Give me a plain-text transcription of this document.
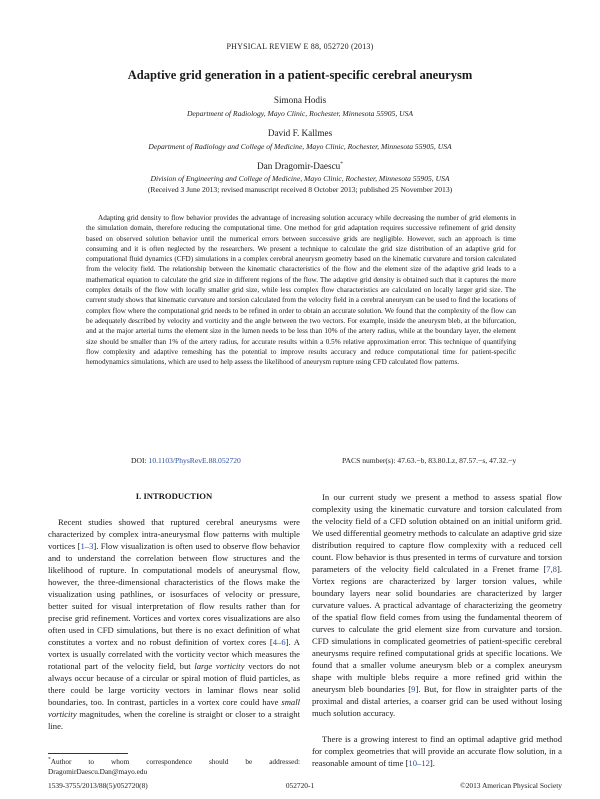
PHYSICAL REVIEW E 88, 052720 (2013)
Adaptive grid generation in a patient-specific cerebral aneurysm
Simona Hodis
Department of Radiology, Mayo Clinic, Rochester, Minnesota 55905, USA
David F. Kallmes
Department of Radiology and College of Medicine, Mayo Clinic, Rochester, Minnesota 55905, USA
Dan Dragomir-Daescu*
Division of Engineering and College of Medicine, Mayo Clinic, Rochester, Minnesota 55905, USA
(Received 3 June 2013; revised manuscript received 8 October 2013; published 25 November 2013)

Adapting grid density to flow behavior provides the advantage of increasing solution accuracy while decreasing the number of grid elements in the simulation domain, therefore reducing the computational time. One method for grid adaptation requires successive refinement of grid density based on observed solution behavior until the numerical errors between successive grids are negligible. However, such an approach is time consuming and it is often neglected by the researchers. We present a technique to calculate the grid size distribution of an adaptive grid for computational fluid dynamics (CFD) simulations in a complex cerebral aneurysm geometry based on the kinematic curvature and torsion calculated from the velocity field. The relationship between the kinematic characteristics of the flow and the element size of the adaptive grid leads to a mathematical equation to calculate the grid size in different regions of the flow. The adaptive grid density is obtained such that it captures the more complex details of the flow with locally smaller grid size, while less complex flow characteristics are calculated on locally larger grid size. The current study shows that kinematic curvature and torsion calculated from the velocity field in a cerebral aneurysm can be used to find the locations of complex flow where the computational grid needs to be refined in order to obtain an accurate solution. We found that the complexity of the flow can be adequately described by velocity and vorticity and the angle between the two vectors. For example, inside the aneurysm bleb, at the bifurcation, and at the major arterial turns the element size in the lumen needs to be less than 10% of the artery radius, while at the boundary layer, the element size should be smaller than 1% of the artery radius, for accurate results within a 0.5% relative approximation error. This technique of quantifying flow complexity and adaptive remeshing has the potential to improve results accuracy and reduce computational time for patient-specific hemodynamics simulations, which are used to help assess the likelihood of aneurysm rupture using CFD calculated flow patterns.

DOI: 10.1103/PhysRevE.88.052720	PACS number(s): 47.63.−b, 83.80.Lz, 87.57.−s, 47.32.−y
I. INTRODUCTION

Recent studies showed that ruptured cerebral aneurysms were characterized by complex intra-aneurysmal flow patterns with multiple vortices [1–3]. Flow visualization is often used to observe flow behavior and to understand the correlation between flow structures and the likelihood of rupture. In computational models of aneurysmal flow, however, the three-dimensional characteristics of the flows make the visualization using pathlines, or isosurfaces of velocity or pressure, better suited for visual interpretation of flow results rather than for precise grid refinement. Vortices and vortex cores visualizations are also often used in CFD simulations, but there is no exact definition of what constitutes a vortex and no robust definition of vortex cores [4–6]. A vortex is usually correlated with the vorticity vector which measures the rotational part of the velocity field, but large vorticity vectors do not always occur because of a circular or spiral motion of fluid particles, as there could be large vorticity vectors in laminar flows near solid boundaries, too. In contrast, particles in a vortex core could have small vorticity magnitudes, when the coreline is straight or closer to a straight line.

In our current study we present a method to assess spatial flow complexity using the kinematic curvature and torsion calculated from the velocity field of a CFD solution obtained on an initial uniform grid. We used differential geometry methods to calculate an adaptive grid size distribution required to capture flow complexity with a reduced cell count. Flow behavior is thus presented in terms of curvature and torsion parameters of the velocity field calculated in a Frenet frame [7,8]. Vortex regions are characterized by larger torsion values, while boundary layers near solid boundaries are characterized by larger curvature values. A practical advantage of characterizing the geometry of the spatial flow field comes from using the fundamental theorem of curves to calculate the grid element size from curvature and torsion. CFD simulations in complicated geometries of patient-specific cerebral aneurysms require refined computational grids at specific locations. We found that a smaller volume aneurysm bleb or a complex aneurysm shape with multiple blebs require a more refined grid within the aneurysm bleb boundaries [9]. But, for flow in straighter parts of the proximal and distal arteries, a coarser grid can be used without losing much solution accuracy.

There is a growing interest to find an optimal adaptive grid method for complex geometries that will provide an accurate flow solution, in a reasonable amount of time [10–12].

*Author to whom correspondence should be addressed: DragomirDaescu.Dan@mayo.edu
1539-3755/2013/88(5)/052720(8)	052720-1	©2013 American Physical Society
